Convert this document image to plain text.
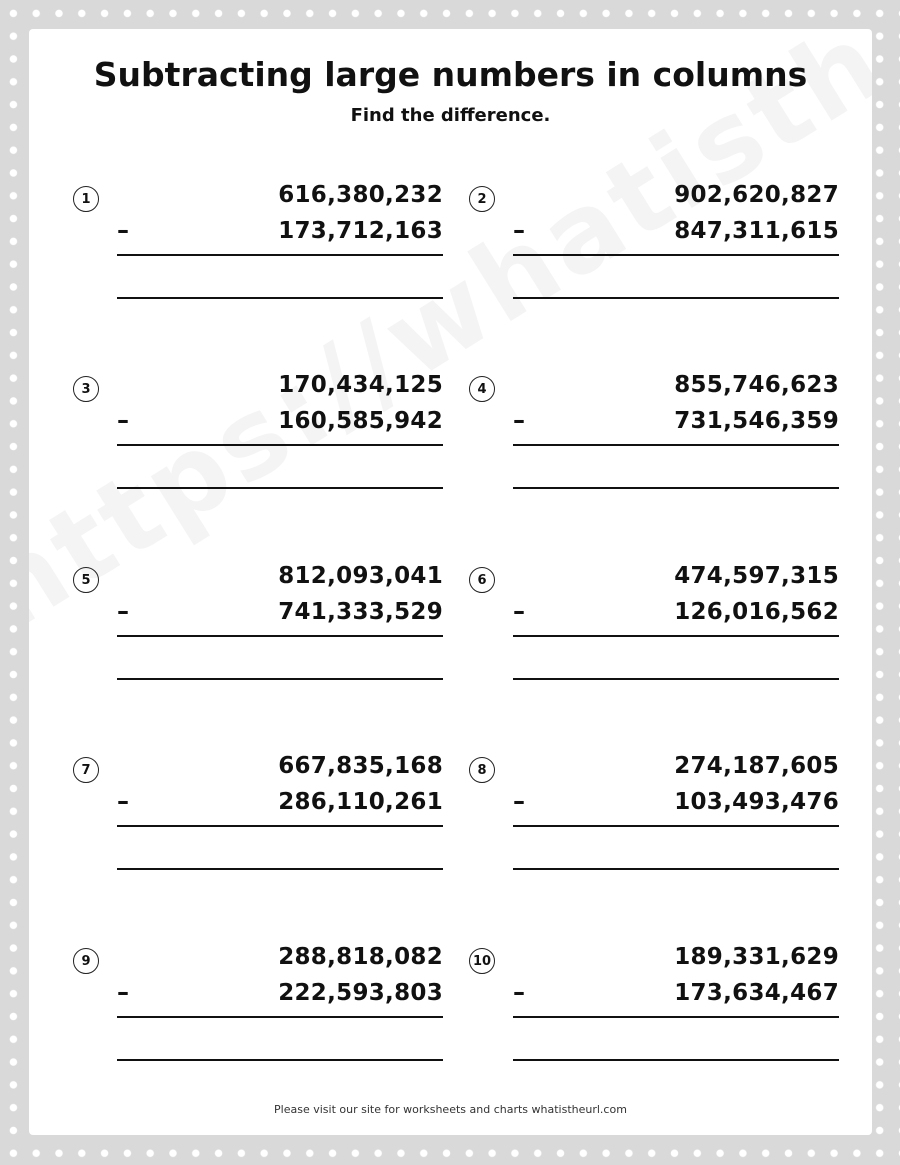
Subtracting large numbers in columns
Find the difference.
1	616,380,232
–	173,712,163
2	902,620,827
–	847,311,615
3	170,434,125
–	160,585,942
4	855,746,623
–	731,546,359
5	812,093,041
–	741,333,529
6	474,597,315
–	126,016,562
7	667,835,168
–	286,110,261
8	274,187,605
–	103,493,476
9	288,818,082
–	222,593,803
10	189,331,629
–	173,634,467
Please visit our site for worksheets and charts whatistheurl.com
